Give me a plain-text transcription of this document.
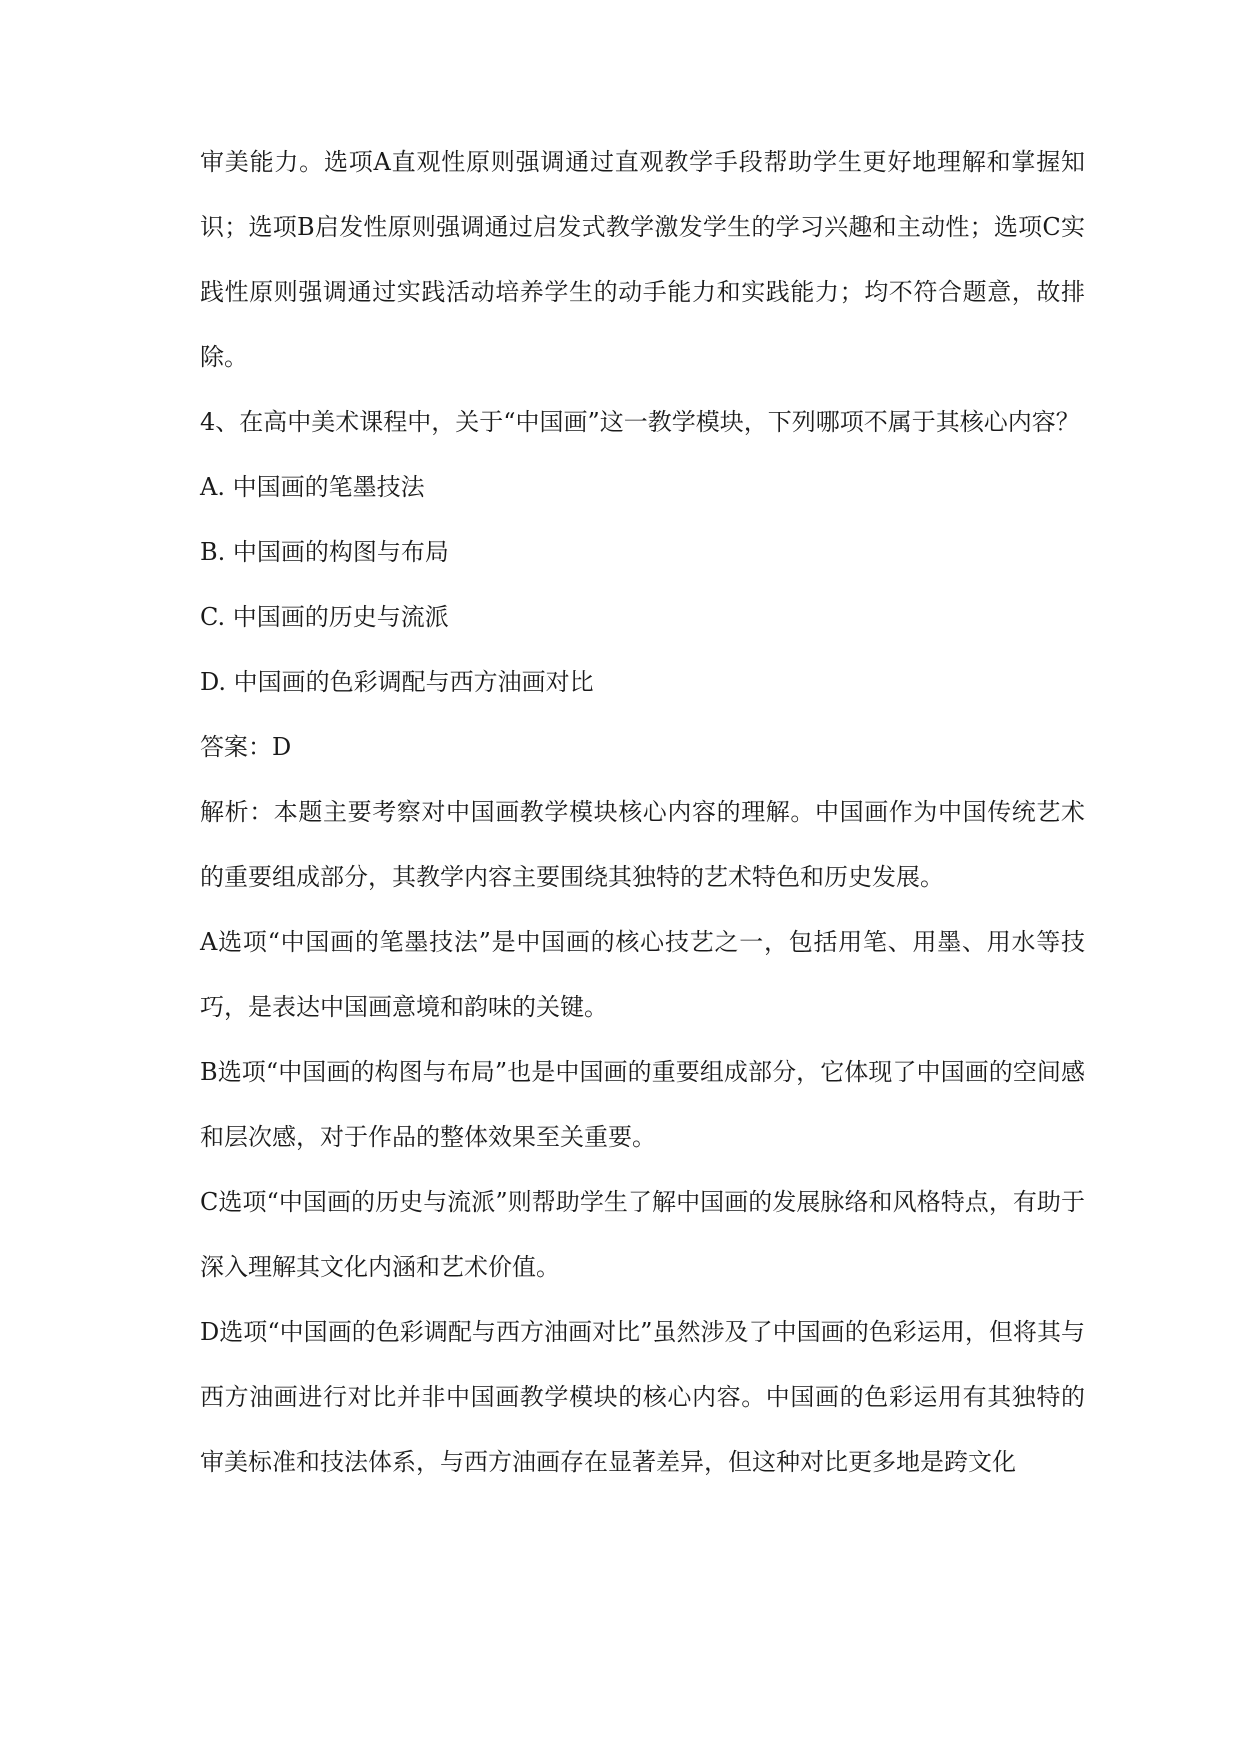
审美能力。选项A直观性原则强调通过直观教学手段帮助学生更好地理解和掌握知识；选项B启发性原则强调通过启发式教学激发学生的学习兴趣和主动性；选项C实践性原则强调通过实践活动培养学生的动手能力和实践能力；均不符合题意，故排除。

4、在高中美术课程中，关于“中国画”这一教学模块，下列哪项不属于其核心内容？

A. 中国画的笔墨技法

B. 中国画的构图与布局

C. 中国画的历史与流派

D. 中国画的色彩调配与西方油画对比

答案：D

解析：本题主要考察对中国画教学模块核心内容的理解。中国画作为中国传统艺术的重要组成部分，其教学内容主要围绕其独特的艺术特色和历史发展。

A选项“中国画的笔墨技法”是中国画的核心技艺之一，包括用笔、用墨、用水等技巧，是表达中国画意境和韵味的关键。

B选项“中国画的构图与布局”也是中国画的重要组成部分，它体现了中国画的空间感和层次感，对于作品的整体效果至关重要。

C选项“中国画的历史与流派”则帮助学生了解中国画的发展脉络和风格特点，有助于深入理解其文化内涵和艺术价值。

D选项“中国画的色彩调配与西方油画对比”虽然涉及了中国画的色彩运用，但将其与西方油画进行对比并非中国画教学模块的核心内容。中国画的色彩运用有其独特的审美标准和技法体系，与西方油画存在显著差异，但这种对比更多地是跨文化
